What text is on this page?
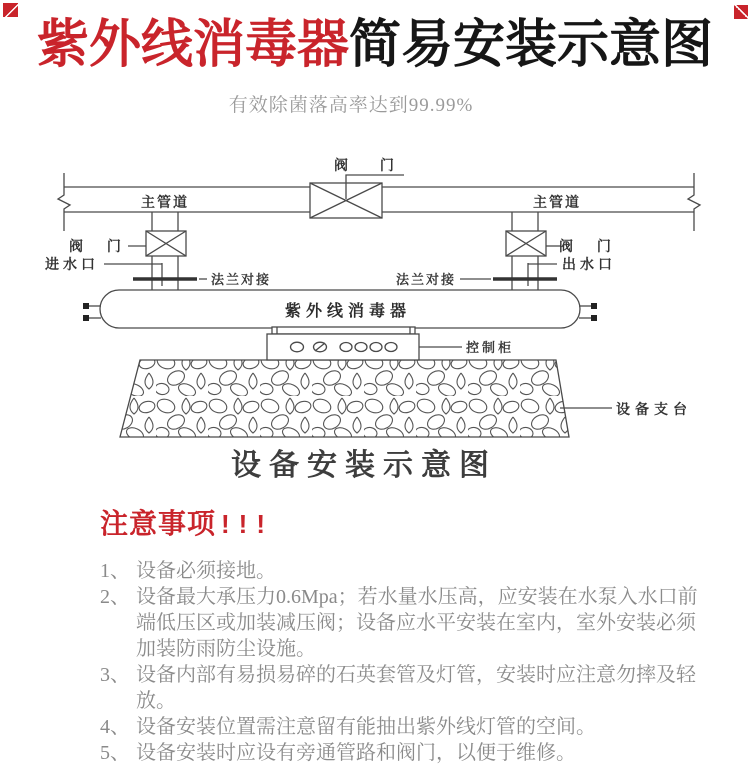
紫外线消毒器简易安装示意图
有效除菌落高率达到99.99%
主管道	主管道
阀 门
阀 门
进水口
法兰对接
阀 门
出水口
法兰对接
设备支台
紫外线消毒器
控制柜
设备安装示意图
注意事项 !!!
1、 设备必须接地。
2、 设备最大承压力0.6Mpa；若水量水压高，应安装在水泵入水口前端低压区或加装减压阀；设备应水平安装在室内，室外安装必须加装防雨防尘设施。
3、 设备内部有易损易碎的石英套管及灯管，安装时应注意勿摔及轻放。
4、 设备安装位置需注意留有能抽出紫外线灯管的空间。
5、 设备安装时应设有旁通管路和阀门，以便于维修。
